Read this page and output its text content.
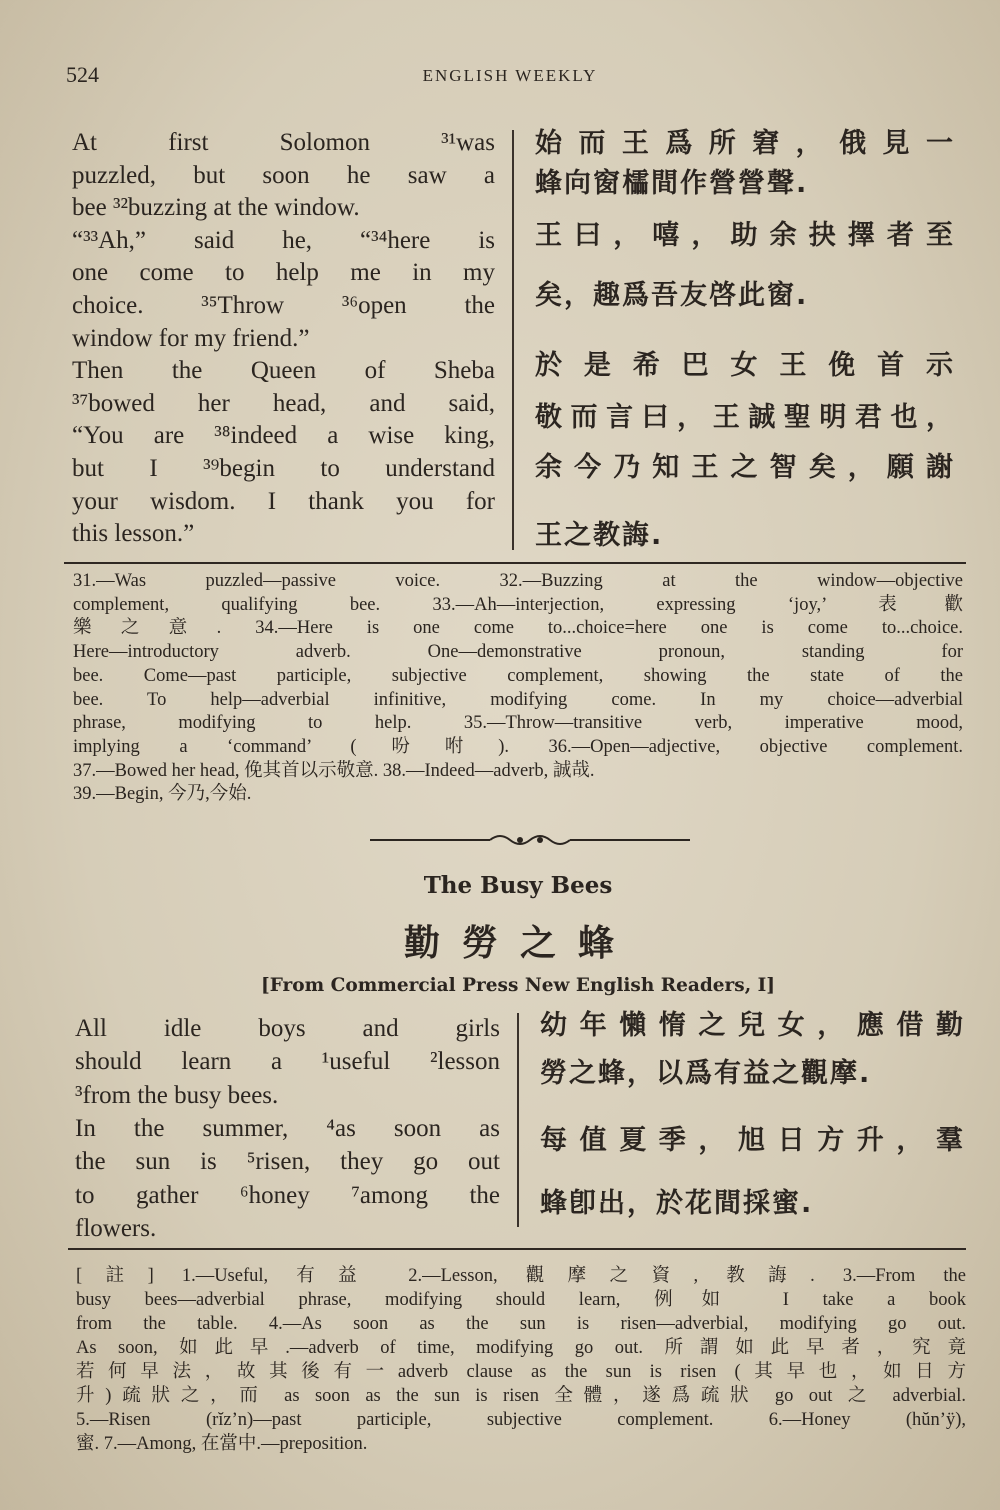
524	ENGLISH WEEKLY
At first Solomon ³¹was
puzzled, but soon he saw a
bee ³²buzzing at the window.
“³³Ah,” said he, “³⁴here is
one come to help me in my
choice. ³⁵Throw ³⁶open the
window for my friend.”
Then the Queen of Sheba
³⁷bowed her head, and said,
“You are ³⁸indeed a wise king,
but I ³⁹begin to understand
your wisdom. I thank you for
this lesson.”
始而王爲所窘，俄見一
蜂向窗櫺間作營營聲.
王曰，嘻，助余抉擇者至
矣，趣爲吾友啓此窗.
於是希巴女王俛首示
敬而言曰，王誠聖明君也，
余今乃知王之智矣，願謝
王之教誨.
31.—Was puzzled—passive voice. 32.—Buzzing at the window—objective
complement, qualifying bee. 33.—Ah—interjection, expressing ‘joy,’ 表歡
樂之意. 34.—Here is one come to...choice=here one is come to...choice.
Here—introductory adverb. One—demonstrative pronoun, standing for
bee. Come—past participle, subjective complement, showing the state of the
bee. To help—adverbial infinitive, modifying come. In my choice—adverbial
phrase, modifying to help. 35.—Throw—transitive verb, imperative mood,
implying a ‘command’ (吩咐). 36.—Open—adjective, objective complement.
37.—Bowed her head, 俛其首以示敬意. 38.—Indeed—adverb, 誠哉.
39.—Begin, 今乃,今始.
The Busy Bees
勤勞之蜂
[From Commercial Press New English Readers, I]
All idle boys and girls
should learn a ¹useful ²lesson
³from the busy bees.
In the summer, ⁴as soon as
the sun is ⁵risen, they go out
to gather ⁶honey ⁷among the
flowers.
幼年懶惰之兒女，應借勤
勞之蜂，以爲有益之觀摩.
每值夏季，旭日方升，羣
蜂卽出，於花間採蜜.
[註] 1.—Useful, 有益 2.—Lesson, 觀摩之資, 教誨. 3.—From the
busy bees—adverbial phrase, modifying should learn, 例如 I take a book
from the table. 4.—As soon as the sun is risen—adverbial, modifying go out.
As soon, 如此早.—adverb of time, modifying go out. 所謂如此早者，究竟
若何早法，故其後有一adverb clause as the sun is risen (其早也，如日方
升)疏狀之，而 as soon as the sun is risen 全體，遂爲疏狀 go out 之 adverbial.
5.—Risen (rĭz’n)—past participle, subjective complement. 6.—Honey (hŭn’ÿ),
蜜. 7.—Among, 在當中.—preposition.
